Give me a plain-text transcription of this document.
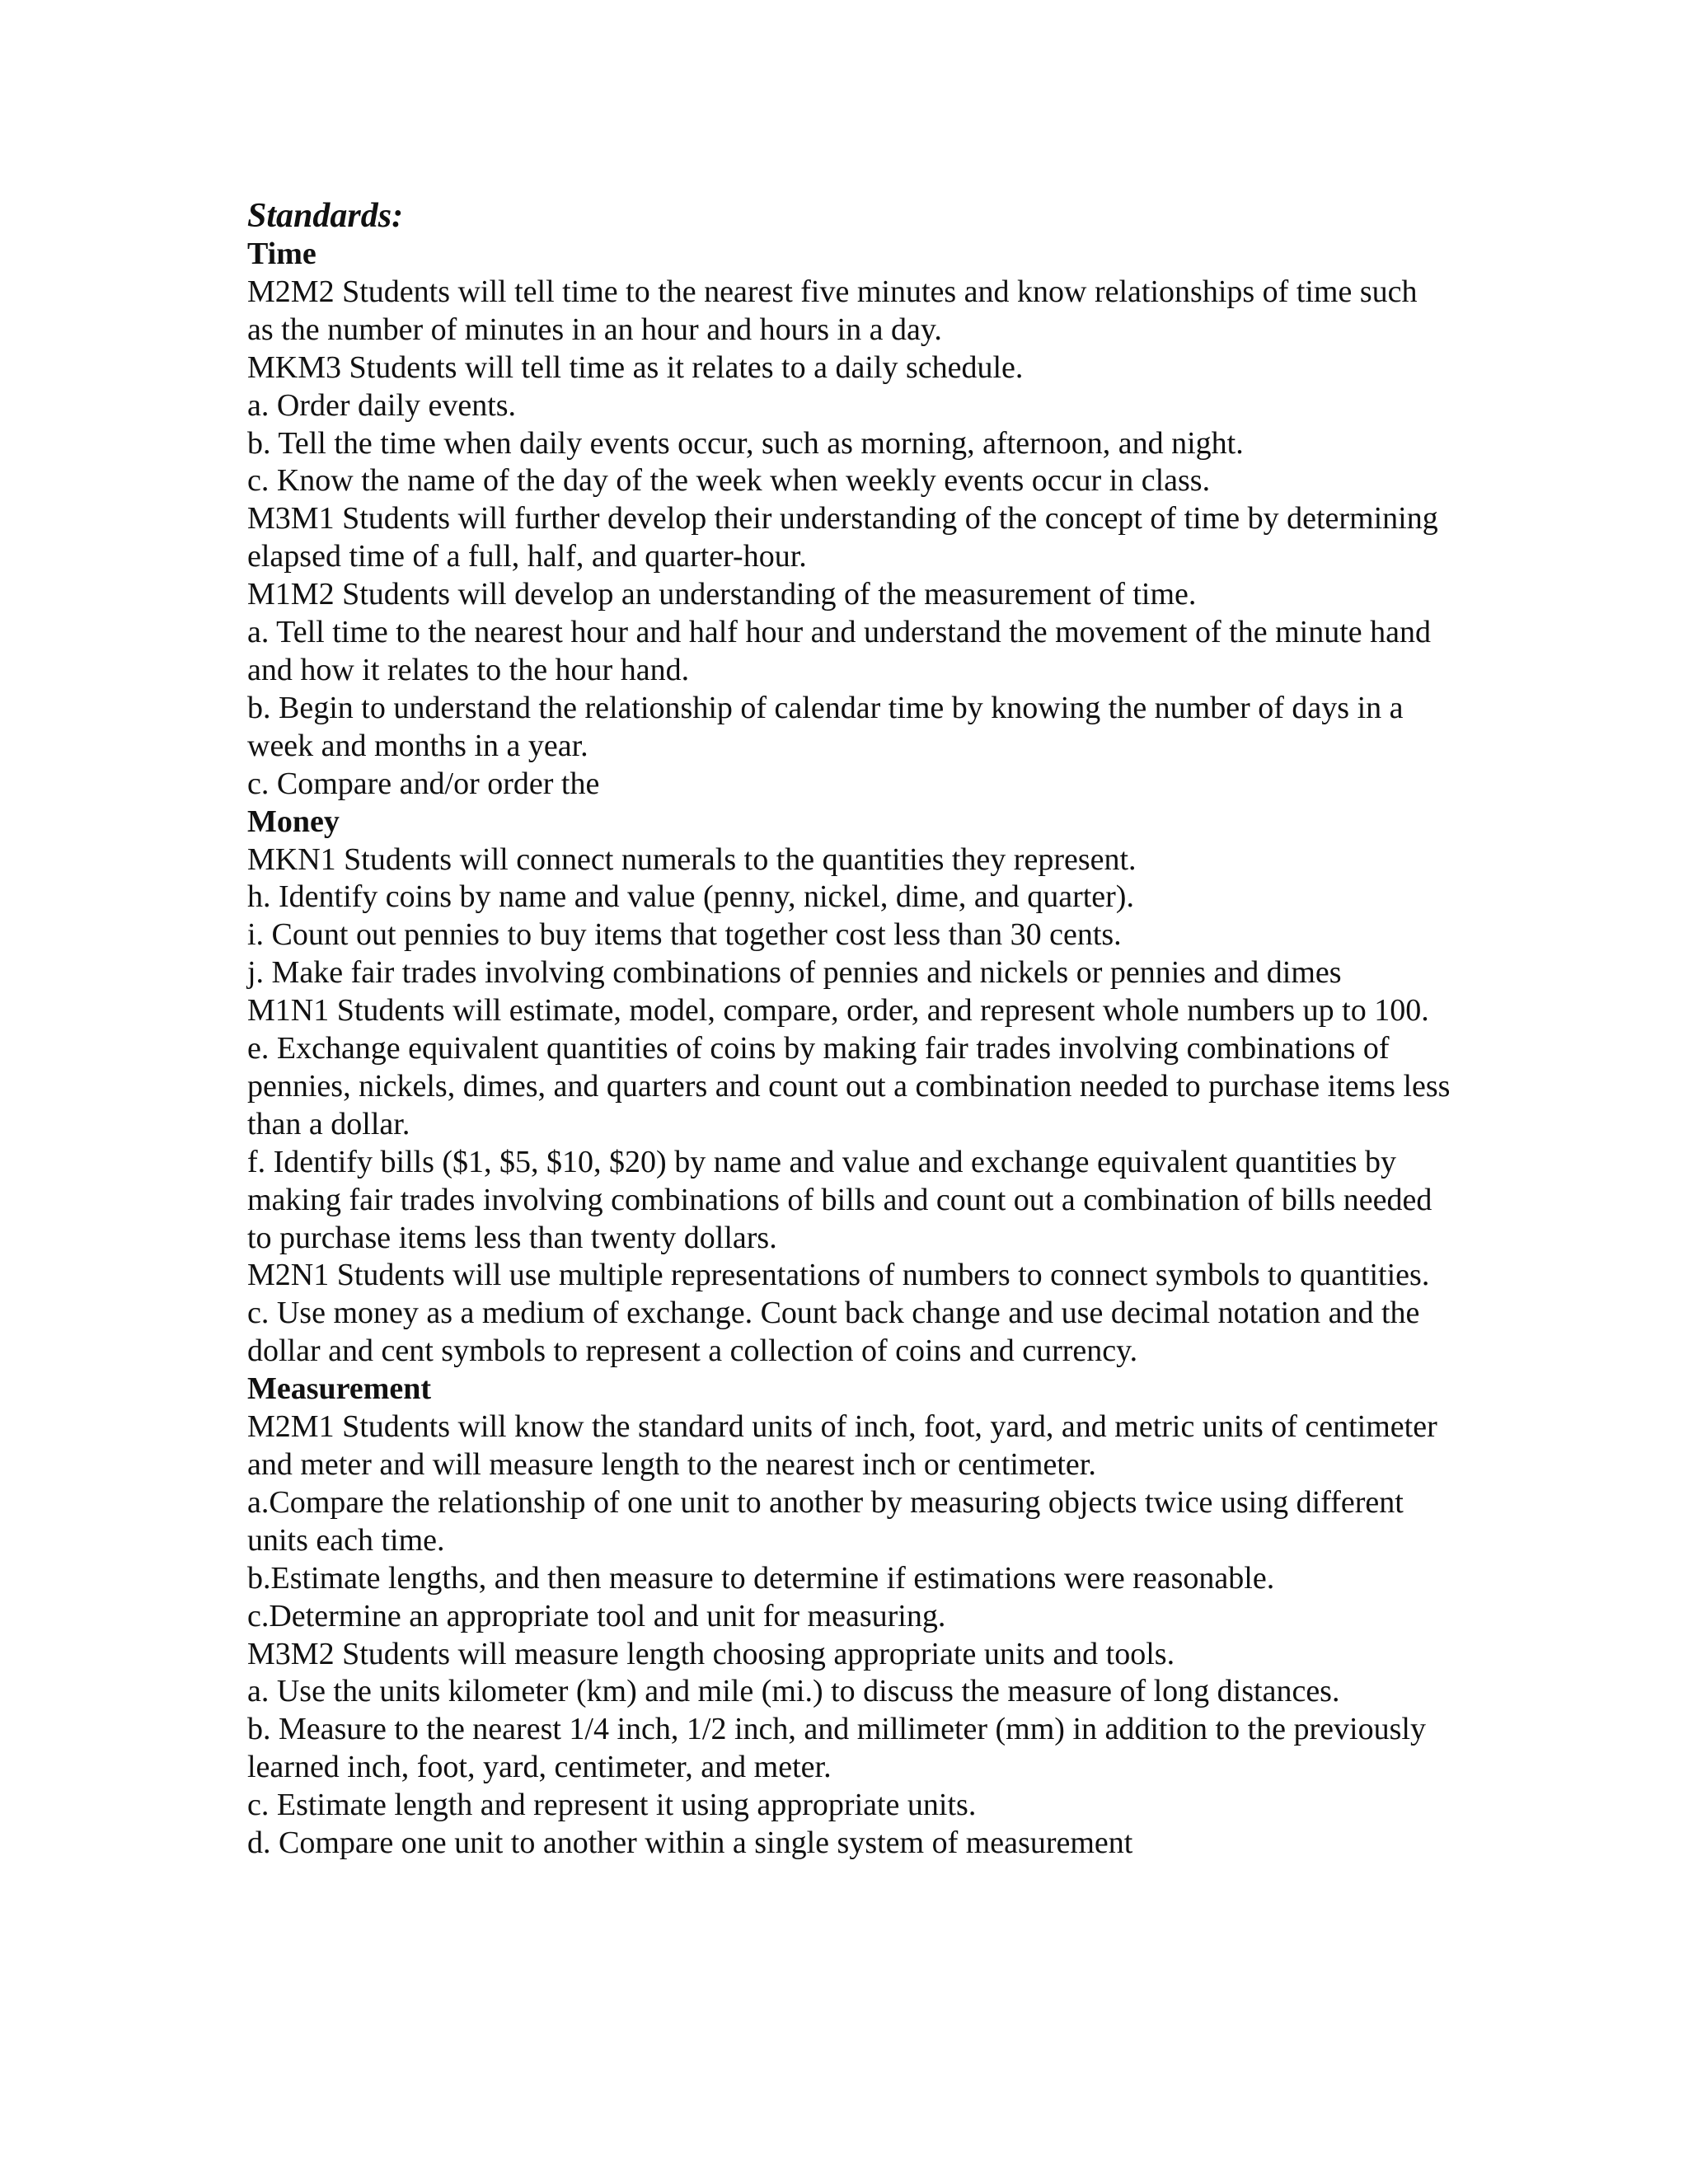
Standards:

Time

M2M2 Students will tell time to the nearest five minutes and know relationships of time such as the number of minutes in an hour and hours in a day.

MKM3 Students will tell time as it relates to a daily schedule.

a. Order daily events.

b. Tell the time when daily events occur, such as morning, afternoon, and night.

c. Know the name of the day of the week when weekly events occur in class.

M3M1 Students will further develop their understanding of the concept of time by determining elapsed time of a full, half, and quarter-hour.

M1M2 Students will develop an understanding of the measurement of time.

a. Tell time to the nearest hour and half hour and understand the movement of the minute hand and how it relates to the hour hand.

b. Begin to understand the relationship of calendar time by knowing the number of days in a week and months in a year.

c. Compare and/or order the

Money

MKN1 Students will connect numerals to the quantities they represent.

h. Identify coins by name and value (penny, nickel, dime, and quarter).

i. Count out pennies to buy items that together cost less than 30 cents.

j. Make fair trades involving combinations of pennies and nickels or pennies and dimes

M1N1 Students will estimate, model, compare, order, and represent whole numbers up to 100.

e. Exchange equivalent quantities of coins by making fair trades involving combinations of pennies, nickels, dimes, and quarters and count out a combination needed to purchase items less than a dollar.

f. Identify bills ($1, $5, $10, $20) by name and value and exchange equivalent quantities by making fair trades involving combinations of bills and count out a combination of bills needed to purchase items less than twenty dollars.

M2N1 Students will use multiple representations of numbers to connect symbols to quantities.

c. Use money as a medium of exchange. Count back change and use decimal notation and the dollar and cent symbols to represent a collection of coins and currency.

Measurement

M2M1 Students will know the standard units of inch, foot, yard, and metric units of centimeter and meter and will measure length to the nearest inch or centimeter.

a.Compare the relationship of one unit to another by measuring objects twice using different units each time.

b.Estimate lengths, and then measure to determine if estimations were reasonable.

c.Determine an appropriate tool and unit for measuring.

M3M2 Students will measure length choosing appropriate units and tools.

a. Use the units kilometer (km) and mile (mi.) to discuss the measure of long distances.

b. Measure to the nearest 1/4 inch, 1/2 inch, and millimeter (mm) in addition to the previously learned inch, foot, yard, centimeter, and meter.

c. Estimate length and represent it using appropriate units.

d. Compare one unit to another within a single system of measurement
